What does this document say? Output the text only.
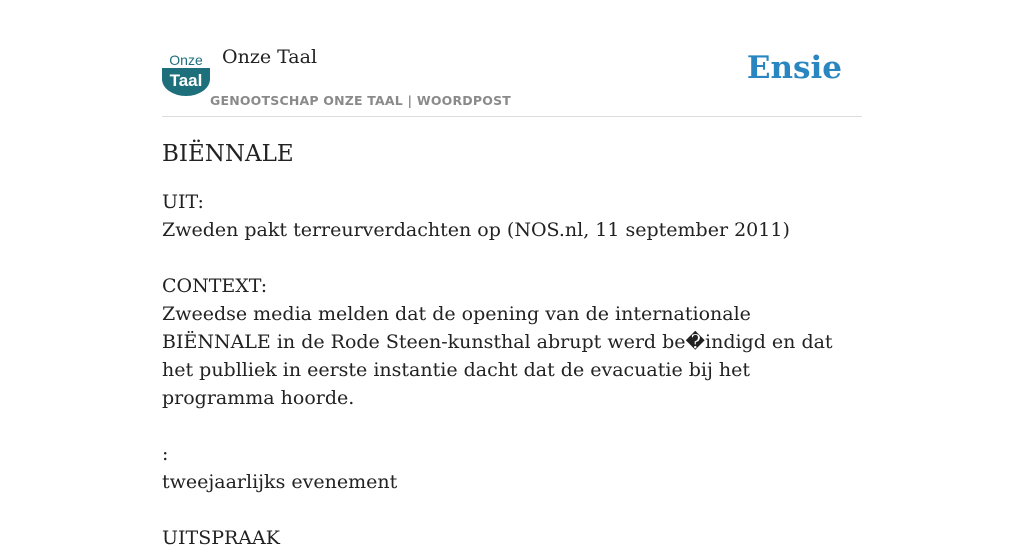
Onze
Taal
Onze Taal
GENOOTSCHAP ONZE TAAL | WOORDPOST
Ensie
BIËNNALE

UIT:
Zweden pakt terreurverdachten op (NOS.nl, 11 september 2011)

CONTEXT:
Zweedse media melden dat de opening van de internationale BIËNNALE in de Rode Steen-kunsthal abrupt werd be�indigd en dat het publliek in eerste instantie dacht dat de evacuatie bij het programma hoorde.

:
tweejaarlijks evenement

UITSPRAAK
